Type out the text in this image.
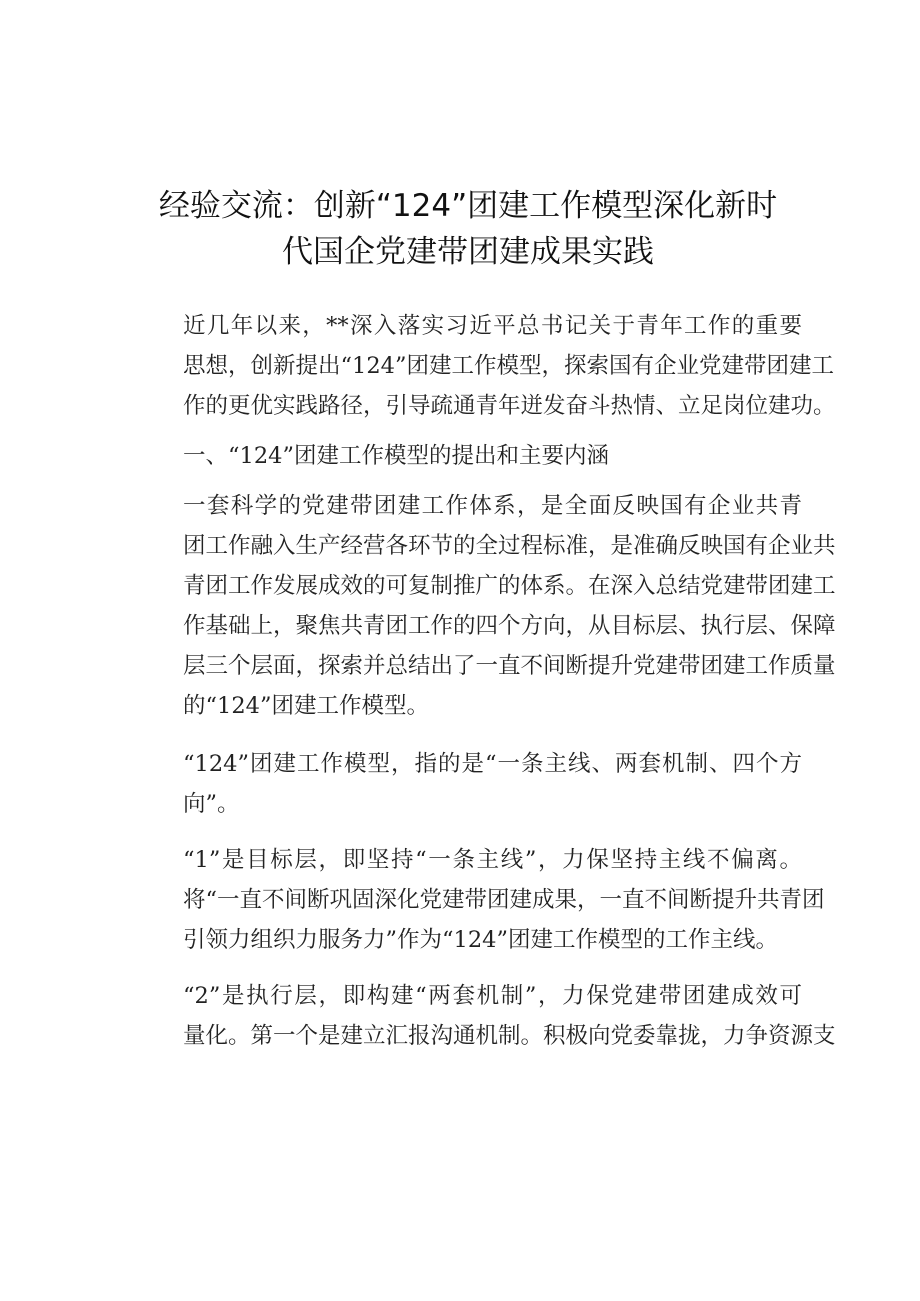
经验交流：创新“124”团建工作模型深化新时
代国企党建带团建成果实践

近几年以来，**深入落实习近平总书记关于青年工作的重要
思想，创新提出“124”团建工作模型，探索国有企业党建带团建工
作的更优实践路径，引导疏通青年迸发奋斗热情、立足岗位建功。

一、“124”团建工作模型的提出和主要内涵

一套科学的党建带团建工作体系，是全面反映国有企业共青
团工作融入生产经营各环节的全过程标准，是准确反映国有企业共
青团工作发展成效的可复制推广的体系。在深入总结党建带团建工
作基础上，聚焦共青团工作的四个方向，从目标层、执行层、保障
层三个层面，探索并总结出了一直不间断提升党建带团建工作质量
的“124”团建工作模型。

“124”团建工作模型，指的是“一条主线、两套机制、四个方
向”。

“1”是目标层，即坚持“一条主线”，力保坚持主线不偏离。
将“一直不间断巩固深化党建带团建成果，一直不间断提升共青团
引领力组织力服务力”作为“124”团建工作模型的工作主线。

“2”是执行层，即构建“两套机制”，力保党建带团建成效可
量化。第一个是建立汇报沟通机制。积极向党委靠拢，力争资源支
